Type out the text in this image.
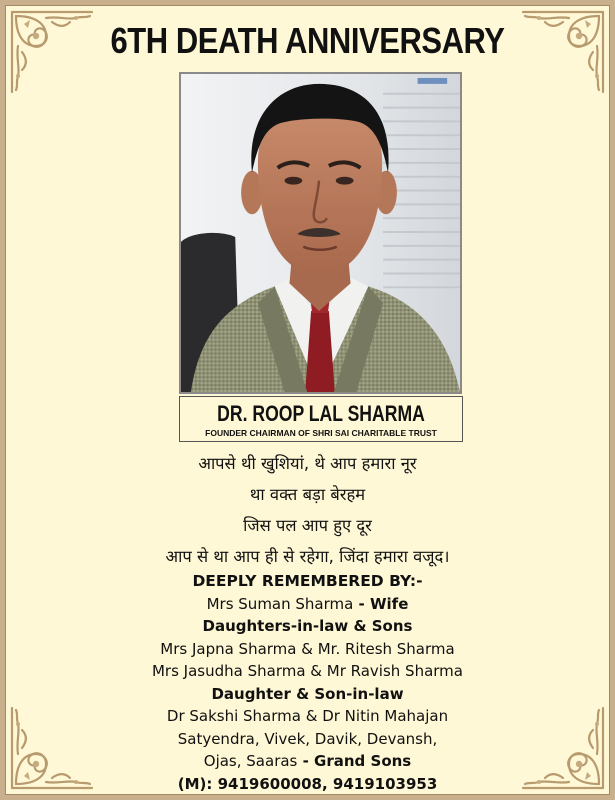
6TH DEATH ANNIVERSARY
DR. ROOP LAL SHARMA
FOUNDER CHAIRMAN OF SHRI SAI CHARITABLE TRUST
आपसे थी खुशियां, थे आप हमारा नूर
था वक्त बड़ा बेरहम
जिस पल आप हुए दूर
आप से था आप ही से रहेगा, जिंदा हमारा वजूद।
DEEPLY REMEMBERED BY:-
Mrs Suman Sharma - Wife
Daughters-in-law & Sons
Mrs Japna Sharma & Mr. Ritesh Sharma
Mrs Jasudha Sharma & Mr Ravish Sharma
Daughter & Son-in-law
Dr Sakshi Sharma & Dr Nitin Mahajan
Satyendra, Vivek, Davik, Devansh,
Ojas, Saaras - Grand Sons
(M): 9419600008, 9419103953
